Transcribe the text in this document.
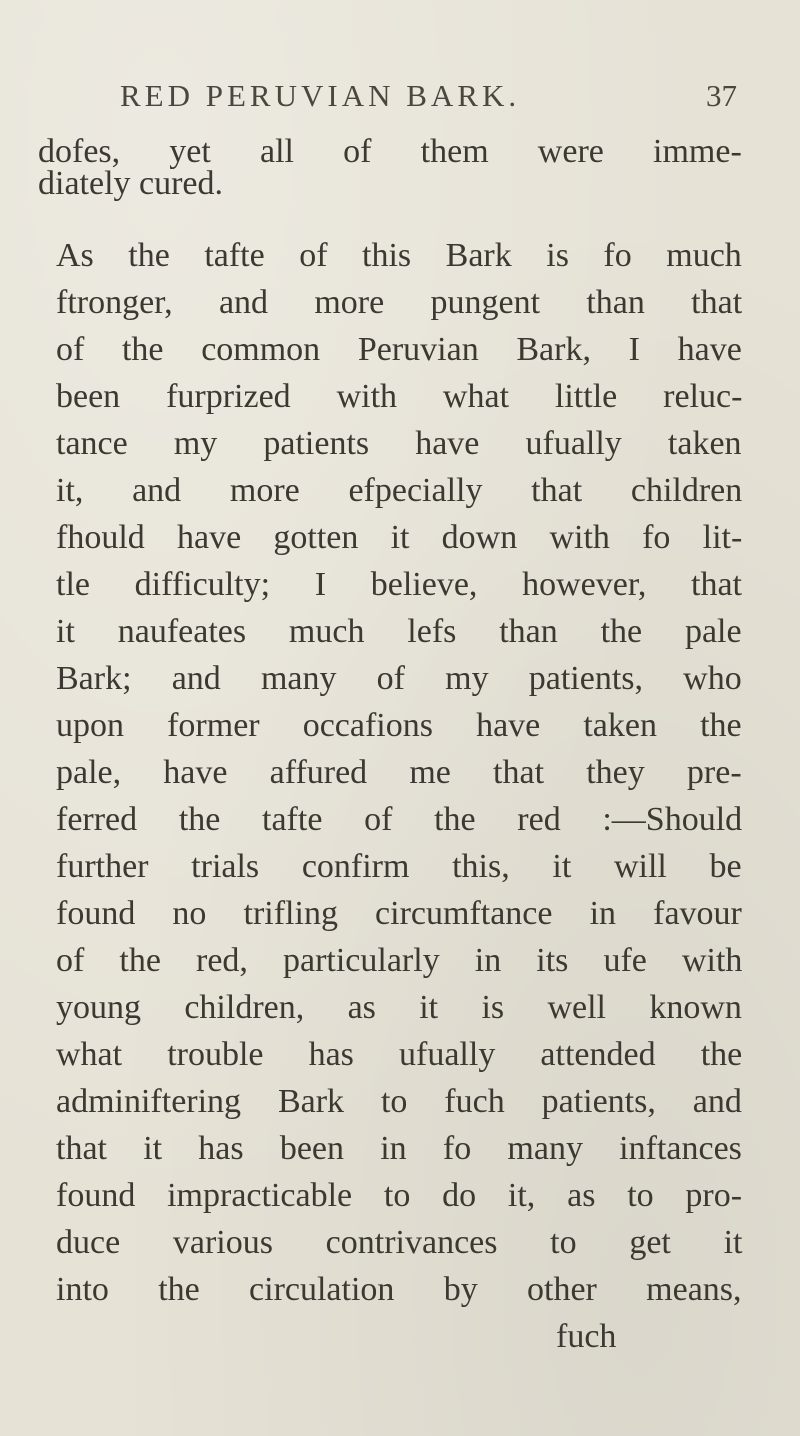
RED PERUVIAN BARK.	37
dofes, yet all of them were imme-
diately cured.
As the tafte of this Bark is fo much
ftronger, and more pungent than that
of the common Peruvian Bark, I have
been furprized with what little reluc-
tance my patients have ufually taken
it, and more efpecially that children
fhould have gotten it down with fo lit-
tle difficulty; I believe, however, that
it naufeates much lefs than the pale
Bark; and many of my patients, who
upon former occafions have taken the
pale, have affured me that they pre-
ferred the tafte of the red :—Should
further trials confirm this, it will be
found no trifling circumftance in favour
of the red, particularly in its ufe with
young children, as it is well known
what trouble has ufually attended the
adminiftering Bark to fuch patients, and
that it has been in fo many inftances
found impracticable to do it, as to pro-
duce various contrivances to get it
into the circulation by other means,
fuch
